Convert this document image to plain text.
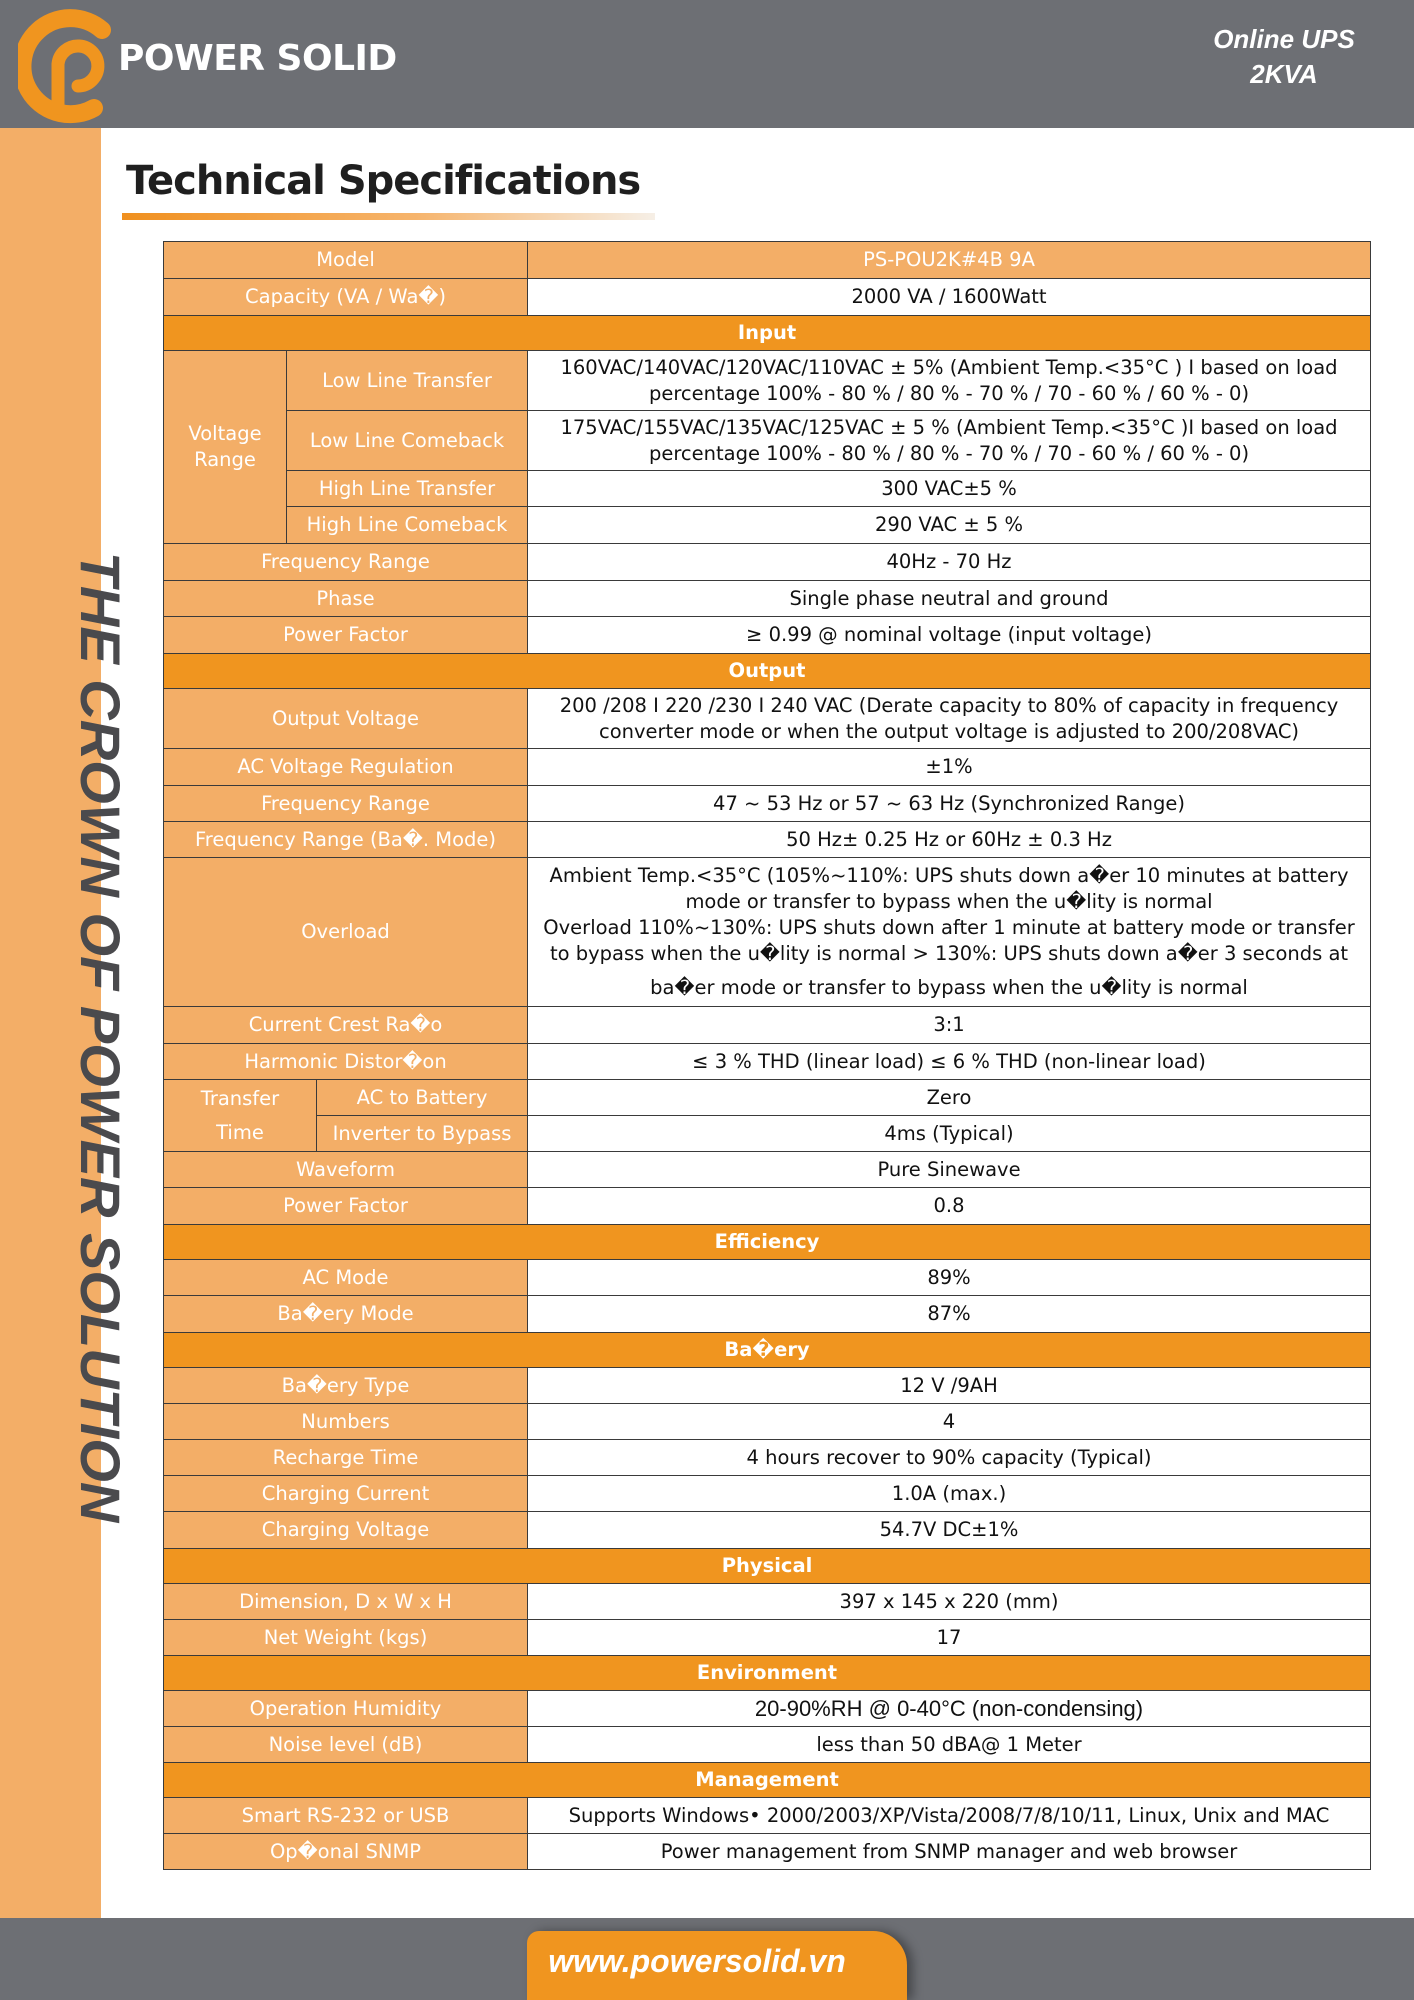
POWER SOLID	Online UPS
2KVA
THE CROWN OF POWER SOLUTION
Technical Specifications
Model			PS-POU2K#4B 9A
Capacity (VA / Wa�)			2000 VA / 1600Watt
Input			
Voltage Range	Low Line Transfer		160VAC/140VAC/120VAC/110VAC ± 5% (Ambient Temp.<35°C ) I based on load percentage 100% - 80 % / 80 % - 70 % / 70 - 60 % / 60 % - 0)
	Low Line Comeback		175VAC/155VAC/135VAC/125VAC ± 5 % (Ambient Temp.<35°C )I based on load percentage 100% - 80 % / 80 % - 70 % / 70 - 60 % / 60 % - 0)
	High Line Transfer		300 VAC±5 %
	High Line Comeback		290 VAC ± 5 %
Frequency Range			40Hz - 70 Hz
Phase			Single phase neutral and ground
Power Factor			≥ 0.99 @ nominal voltage (input voltage)
Output			
Output Voltage			200 /208 I 220 /230 I 240 VAC (Derate capacity to 80% of capacity in frequency converter mode or when the output voltage is adjusted to 200/208VAC)
AC Voltage Regulation			±1%
Frequency Range			47 ~ 53 Hz or 57 ~ 63 Hz (Synchronized Range)
Frequency Range (Ba�. Mode)			50 Hz± 0.25 Hz or 60Hz ± 0.3 Hz
Overload			Ambient Temp.<35°C (105%~110%: UPS shuts down a�er 10 minutes at battery mode or transfer to bypass when the u�lity is normal
Overload 110%~130%: UPS shuts down after 1 minute at battery mode or transfer to bypass when the u�lity is normal > 130%: UPS shuts down a�er 3 seconds at
ba�er mode or transfer to bypass when the u�lity is normal

Current Crest Ra�o			3:1
Harmonic Distor�on			≤ 3 % THD (linear load) ≤ 6 % THD (non-linear load)

Transfer
Time		AC to Battery	Zero
		Inverter to Bypass	4ms (Typical)
Waveform			Pure Sinewave
Power Factor			0.8
Efficiency			
AC Mode			89%
Ba�ery Mode			87%
Ba�ery			
Ba�ery Type			12 V /9AH
Numbers			4
Recharge Time			4 hours recover to 90% capacity (Typical)
Charging Current			1.0A (max.)
Charging Voltage			54.7V DC±1%
Physical			
Dimension, D x W x H			397 x 145 x 220 (mm)
Net Weight (kgs)			17
Environment			
Operation Humidity			20-90%RH @ 0-40°C (non-condensing)
Noise level (dB)			less than 50 dBA@ 1 Meter
Management			
Smart RS-232 or USB			Supports Windows• 2000/2003/XP/Vista/2008/7/8/10/11, Linux, Unix and MAC
Op�onal SNMP			Power management from SNMP manager and web browser
www.powersolid.vn
